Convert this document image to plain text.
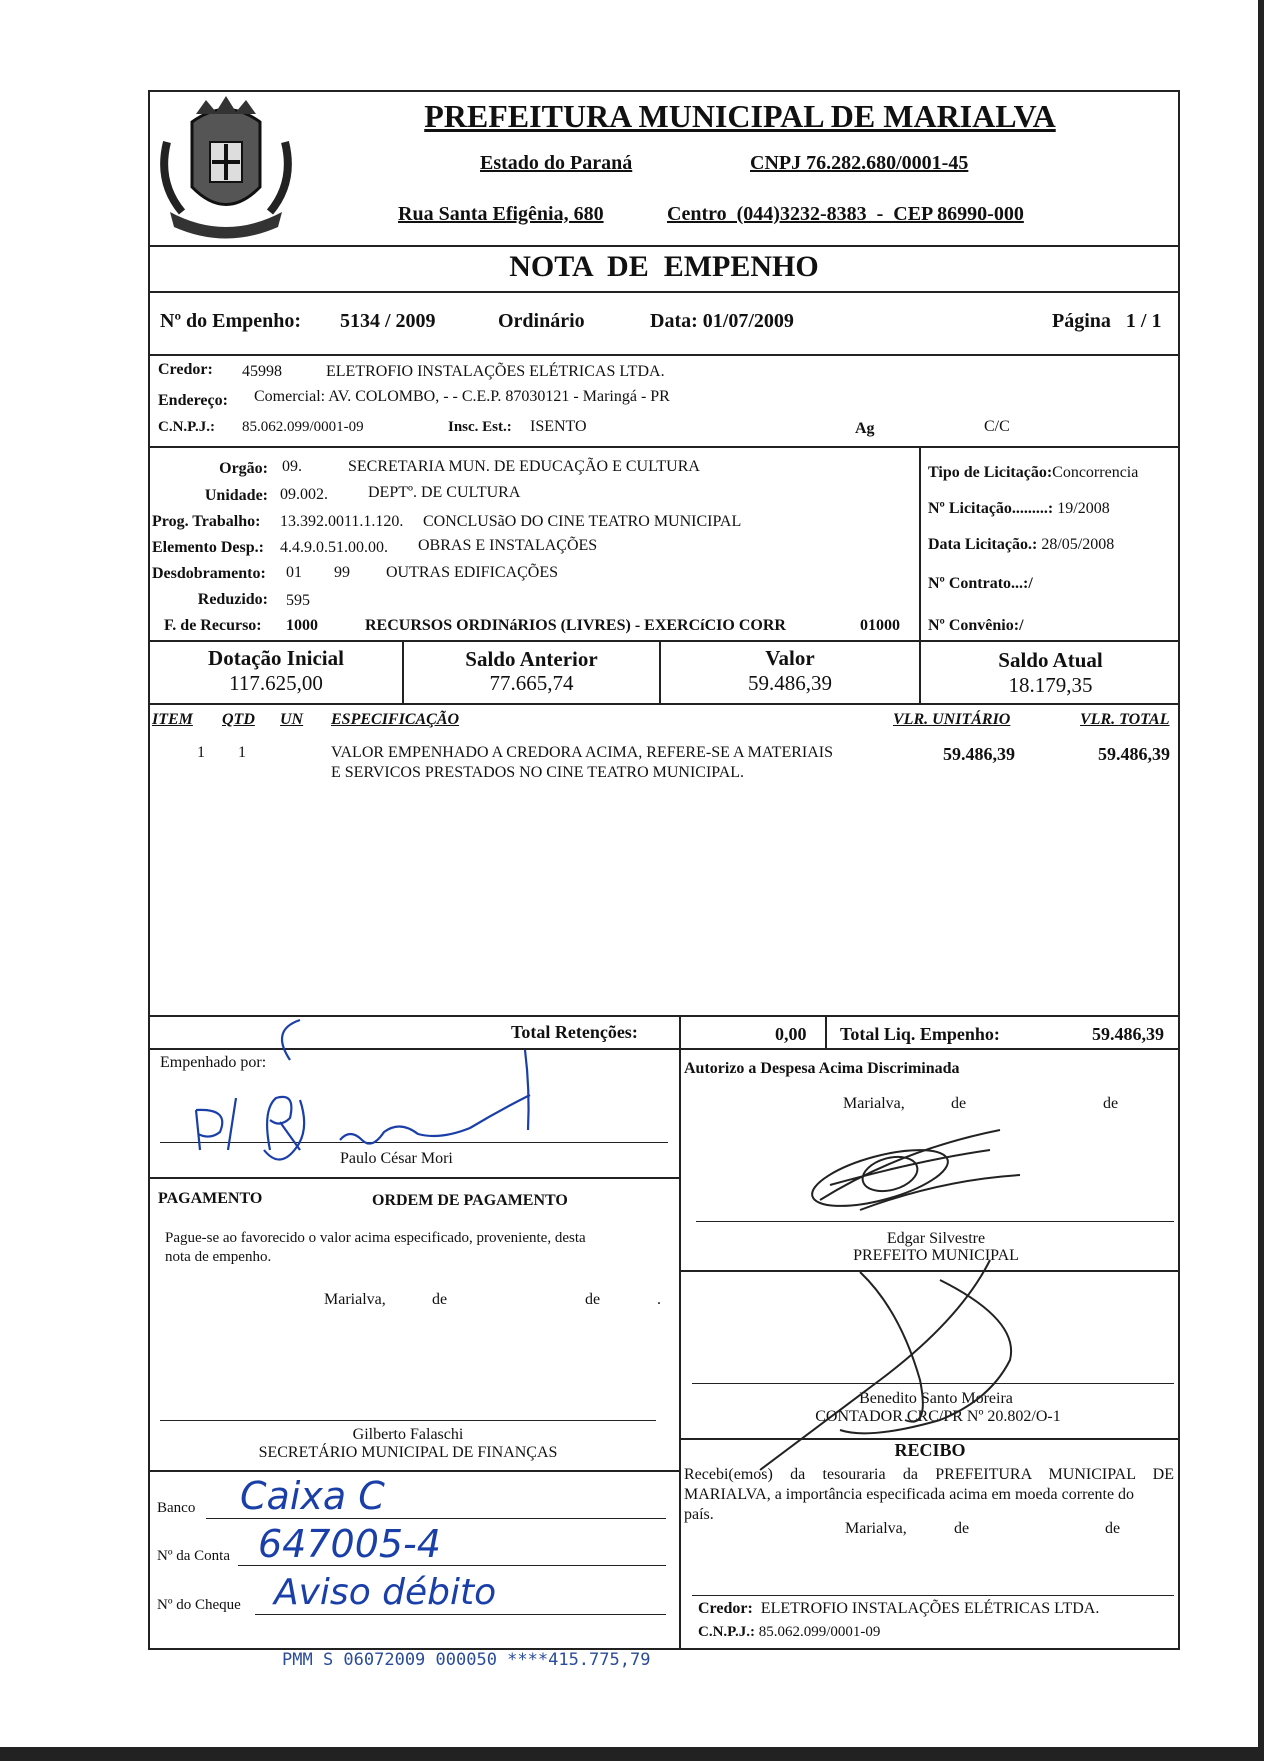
PREFEITURA MUNICIPAL DE MARIALVA
Estado do Paraná	CNPJ 76.282.680/0001-45
Rua Santa Efigênia, 680	Centro  (044)3232-8383  -  CEP 86990-000
NOTA  DE  EMPENHO
Nº do Empenho: 5134 / 2009	Ordinário	Data: 01/07/2009	Página   1 / 1
Credor: 45998	ELETROFIO INSTALAÇÕES ELÉTRICAS LTDA.
Endereço: Comercial: AV. COLOMBO, - - C.E.P. 87030121 - Maringá - PR
C.N.P.J.: 85.062.099/0001-09	Insc. Est.: ISENTO	Ag	C/C
Orgão: 09.	SECRETARIA MUN. DE EDUCAÇÃO E CULTURA
Unidade: 09.002.	DEPTº. DE CULTURA
Prog. Trabalho: 13.392.0011.1.120. CONCLUSãO DO CINE TEATRO MUNICIPAL
Elemento Desp.: 4.4.9.0.51.00.00. OBRAS E INSTALAÇÕES
Desdobramento: 01 99 OUTRAS EDIFICAÇÕES
Reduzido: 595
F. de Recurso: 1000	RECURSOS ORDINáRIOS (LIVRES) - EXERCíCIO CORR	01000
Tipo de Licitação:Concorrencia
Nº Licitação.........: 19/2008
Data Licitação.: 28/05/2008
Nº Contrato...:/
Nº Convênio:/
Dotação Inicial
117.625,00
Saldo Anterior
77.665,74
Valor
59.486,39
Saldo Atual
18.179,35
ITEM QTD UN ESPECIFICAÇÃO	VLR. UNITÁRIO	VLR. TOTAL
1 1	VALOR EMPENHADO A CREDORA ACIMA, REFERE-SE A MATERIAIS
E SERVICOS PRESTADOS NO CINE TEATRO MUNICIPAL.
59.486,39	59.486,39
Total Retenções:	0,00 Total Liq. Empenho:	59.486,39
Empenhado por:
Paulo César Mori
Autorizo a Despesa Acima Discriminada
Marialva,	de	de
Edgar Silvestre
PREFEITO MUNICIPAL
Benedito Santo Moreira
CONTADOR CRC/PR Nº 20.802/O-1
RECIBO
Recebi(emos) da tesouraria da PREFEITURA MUNICIPAL DE
MARIALVA, a importância especificada acima em moeda corrente do
país.
Marialva,	de	de
Credor: ELETROFIO INSTALAÇÕES ELÉTRICAS LTDA.
C.N.P.J.: 85.062.099/0001-09
PAGAMENTO	ORDEM DE PAGAMENTO
Pague-se ao favorecido o valor acima especificado, proveniente, desta
nota de empenho.
Marialva,	de	de	.
Gilberto Falaschi
SECRETÁRIO MUNICIPAL DE FINANÇAS
Banco Caixa C
Nº da Conta 647005-4
Nº do Cheque Aviso débito
PMM S 06072009 000050 ****415.775,79
